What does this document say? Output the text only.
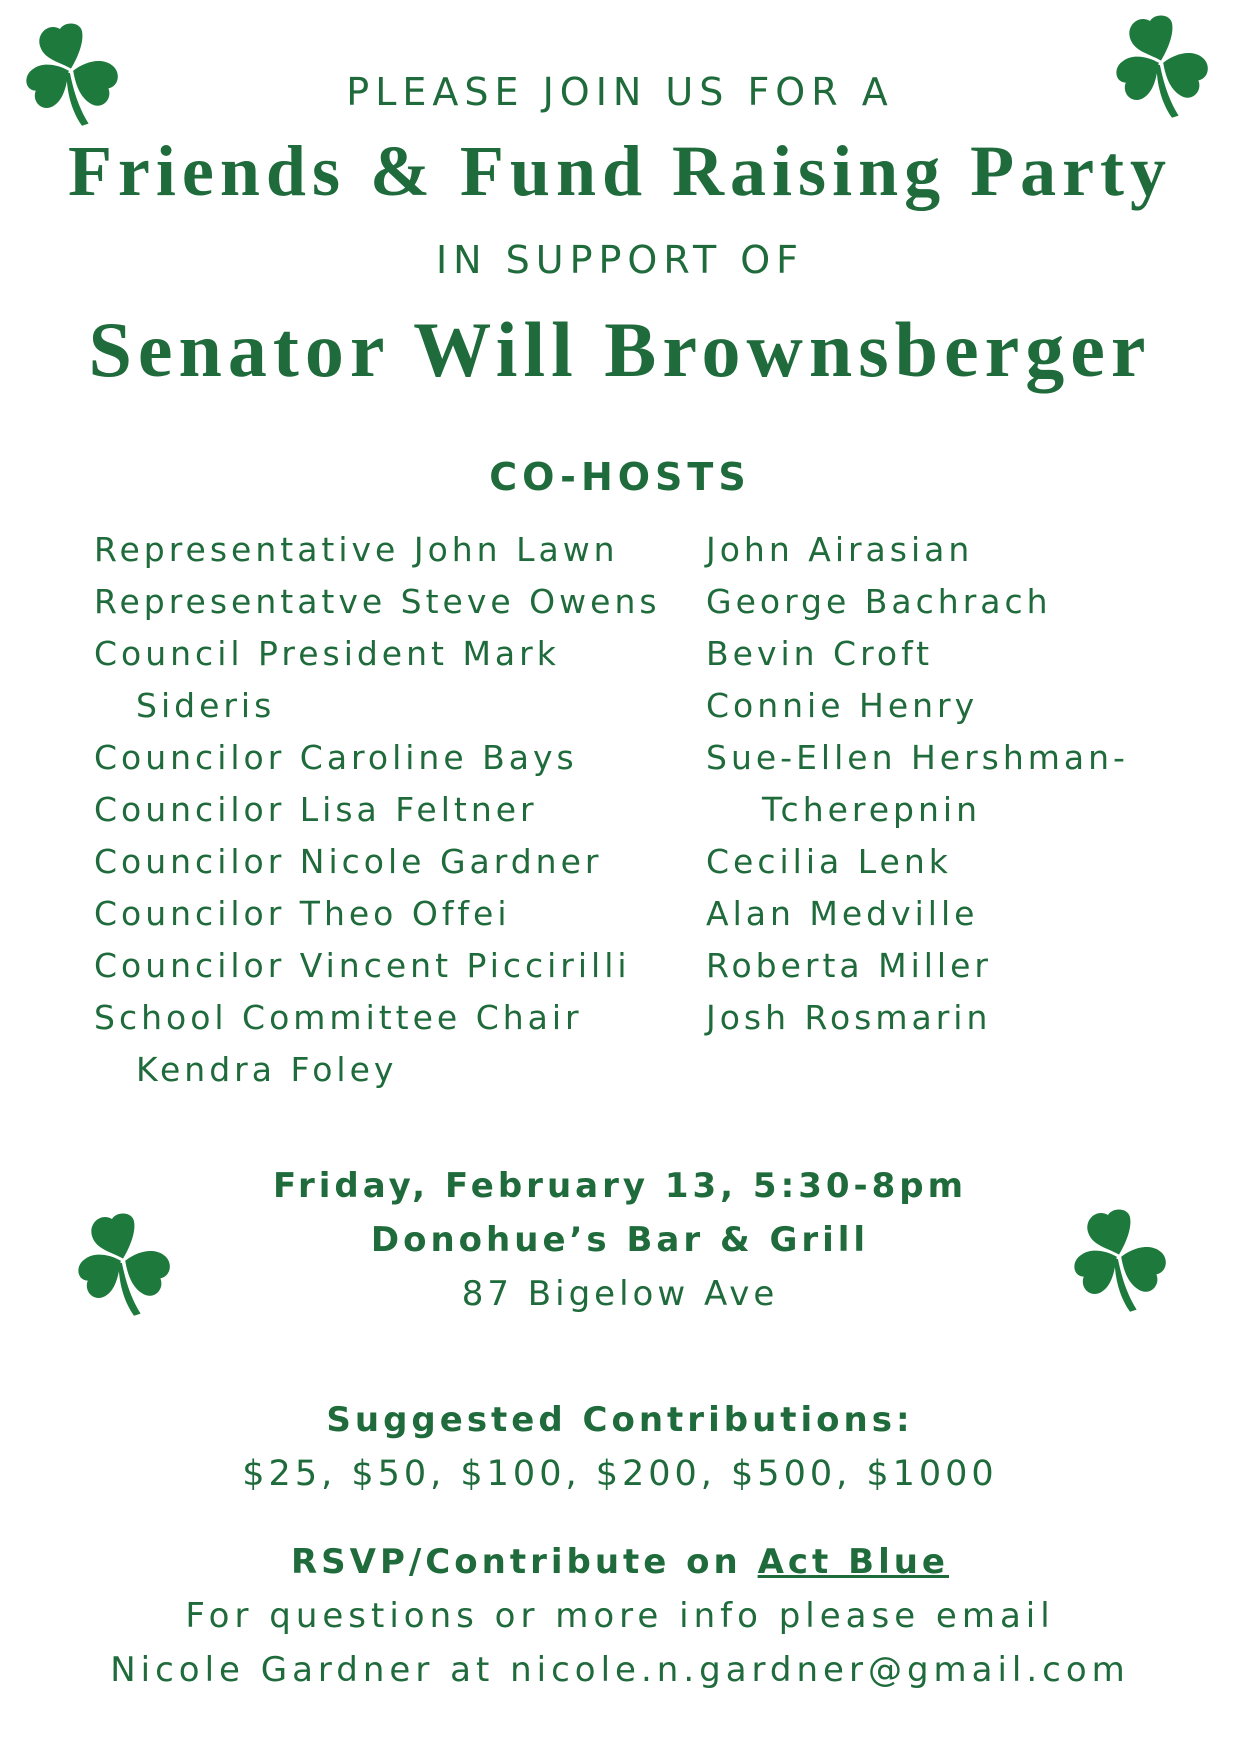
PLEASE JOIN US FOR A
Friends & Fund Raising Party
IN SUPPORT OF
Senator Will Brownsberger
CO-HOSTS
Representative John Lawn
Representatve Steve Owens
Council President Mark Sideris
Councilor Caroline Bays
Councilor Lisa Feltner
Councilor Nicole Gardner
Councilor Theo Offei
Councilor Vincent Piccirilli
School Committee Chair Kendra Foley
John Airasian
George Bachrach
Bevin Croft
Connie Henry
Sue-Ellen Hershman-Tcherepnin
Cecilia Lenk
Alan Medville
Roberta Miller
Josh Rosmarin
Friday, February 13, 5:30-8pm
Donohue’s Bar & Grill
87 Bigelow Ave
Suggested Contributions:
$25, $50, $100, $200, $500, $1000
RSVP/Contribute on Act Blue
For questions or more info please email
Nicole Gardner at nicole.n.gardner@gmail.com
